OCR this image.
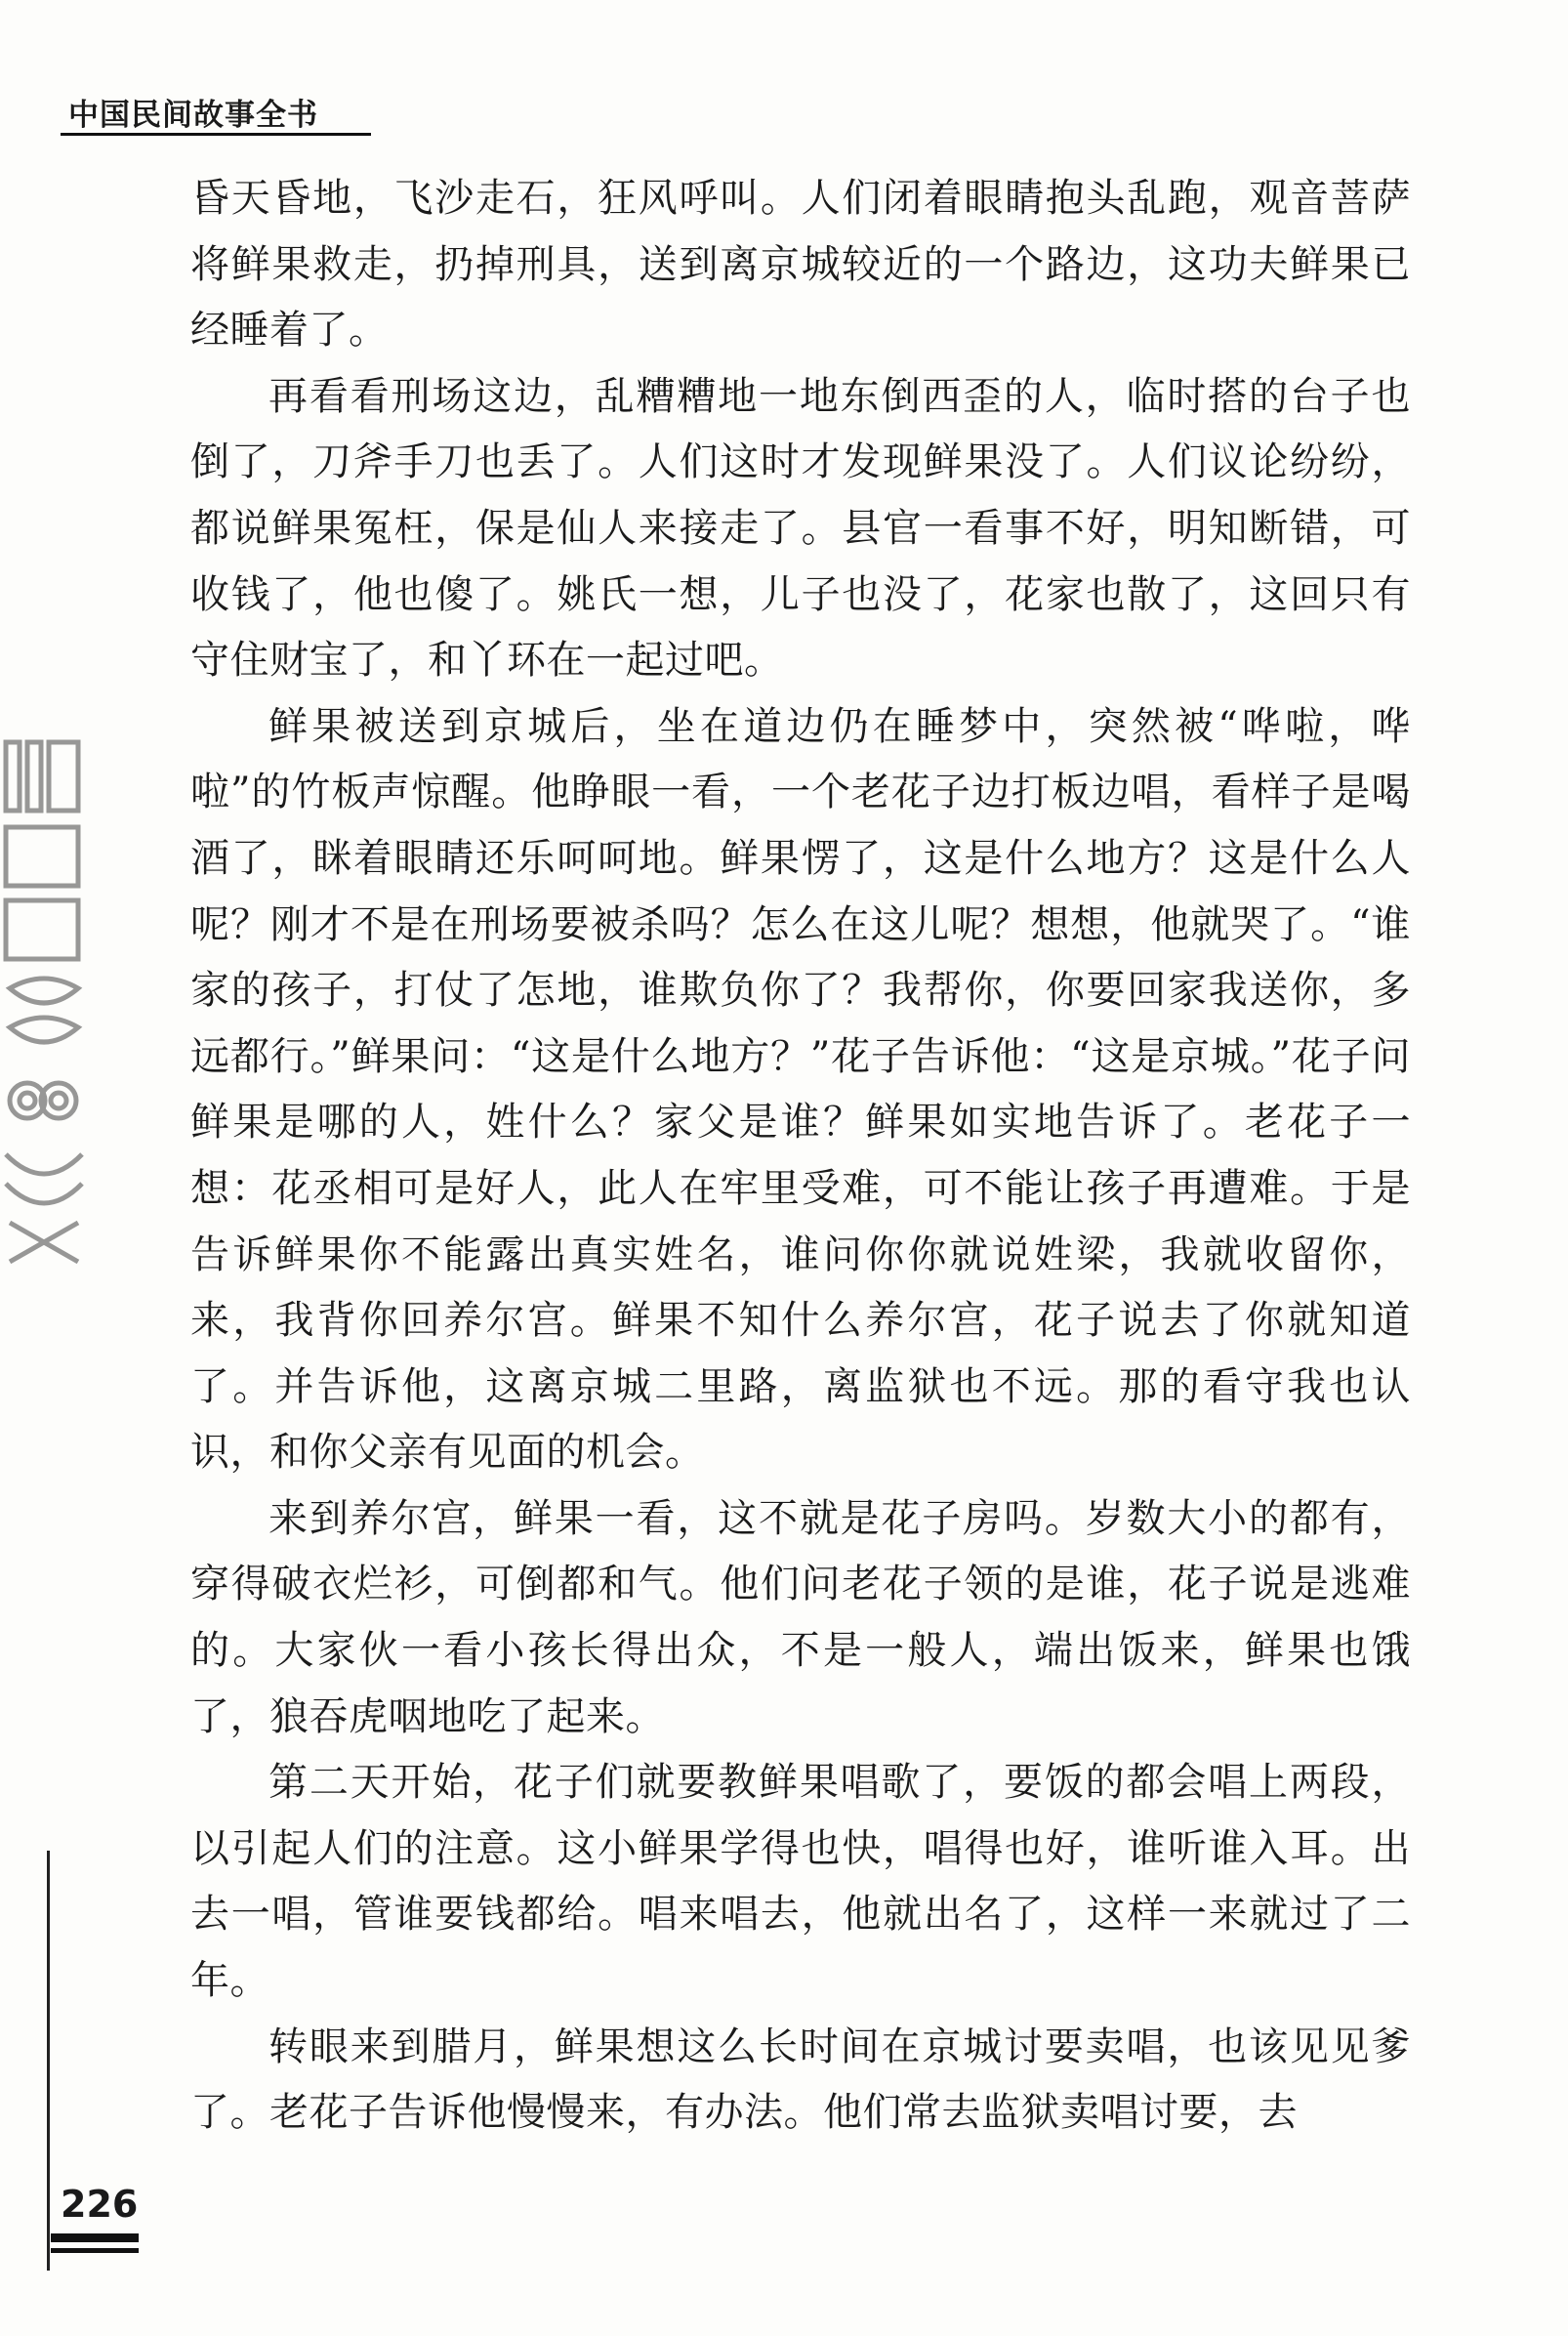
中国民间故事全书

昏天昏地，飞沙走石，狂风呼叫。人们闭着眼睛抱头乱跑，观音菩萨将鲜果救走，扔掉刑具，送到离京城较近的一个路边，这功夫鲜果已经睡着了。

再看看刑场这边，乱糟糟地一地东倒西歪的人，临时搭的台子也倒了，刀斧手刀也丢了。人们这时才发现鲜果没了。人们议论纷纷，都说鲜果冤枉，保是仙人来接走了。县官一看事不好，明知断错，可收钱了，他也傻了。姚氏一想，儿子也没了，花家也散了，这回只有守住财宝了，和丫环在一起过吧。

鲜果被送到京城后，坐在道边仍在睡梦中，突然被“哗啦，哗啦”的竹板声惊醒。他睁眼一看，一个老花子边打板边唱，看样子是喝酒了，眯着眼睛还乐呵呵地。鲜果愣了，这是什么地方？这是什么人呢？刚才不是在刑场要被杀吗？怎么在这儿呢？想想，他就哭了。“谁家的孩子，打仗了怎地，谁欺负你了？我帮你，你要回家我送你，多远都行。”鲜果问：“这是什么地方？”花子告诉他：“这是京城。”花子问鲜果是哪的人，姓什么？家父是谁？鲜果如实地告诉了。老花子一想：花丞相可是好人，此人在牢里受难，可不能让孩子再遭难。于是告诉鲜果你不能露出真实姓名，谁问你你就说姓梁，我就收留你，来，我背你回养尔宫。鲜果不知什么养尔宫，花子说去了你就知道了。并告诉他，这离京城二里路，离监狱也不远。那的看守我也认识，和你父亲有见面的机会。

来到养尔宫，鲜果一看，这不就是花子房吗。岁数大小的都有，穿得破衣烂衫，可倒都和气。他们问老花子领的是谁，花子说是逃难的。大家伙一看小孩长得出众，不是一般人，端出饭来，鲜果也饿了，狼吞虎咽地吃了起来。

第二天开始，花子们就要教鲜果唱歌了，要饭的都会唱上两段，以引起人们的注意。这小鲜果学得也快，唱得也好，谁听谁入耳。出去一唱，管谁要钱都给。唱来唱去，他就出名了，这样一来就过了二年。

转眼来到腊月，鲜果想这么长时间在京城讨要卖唱，也该见见爹了。老花子告诉他慢慢来，有办法。他们常去监狱卖唱讨要，去

226
